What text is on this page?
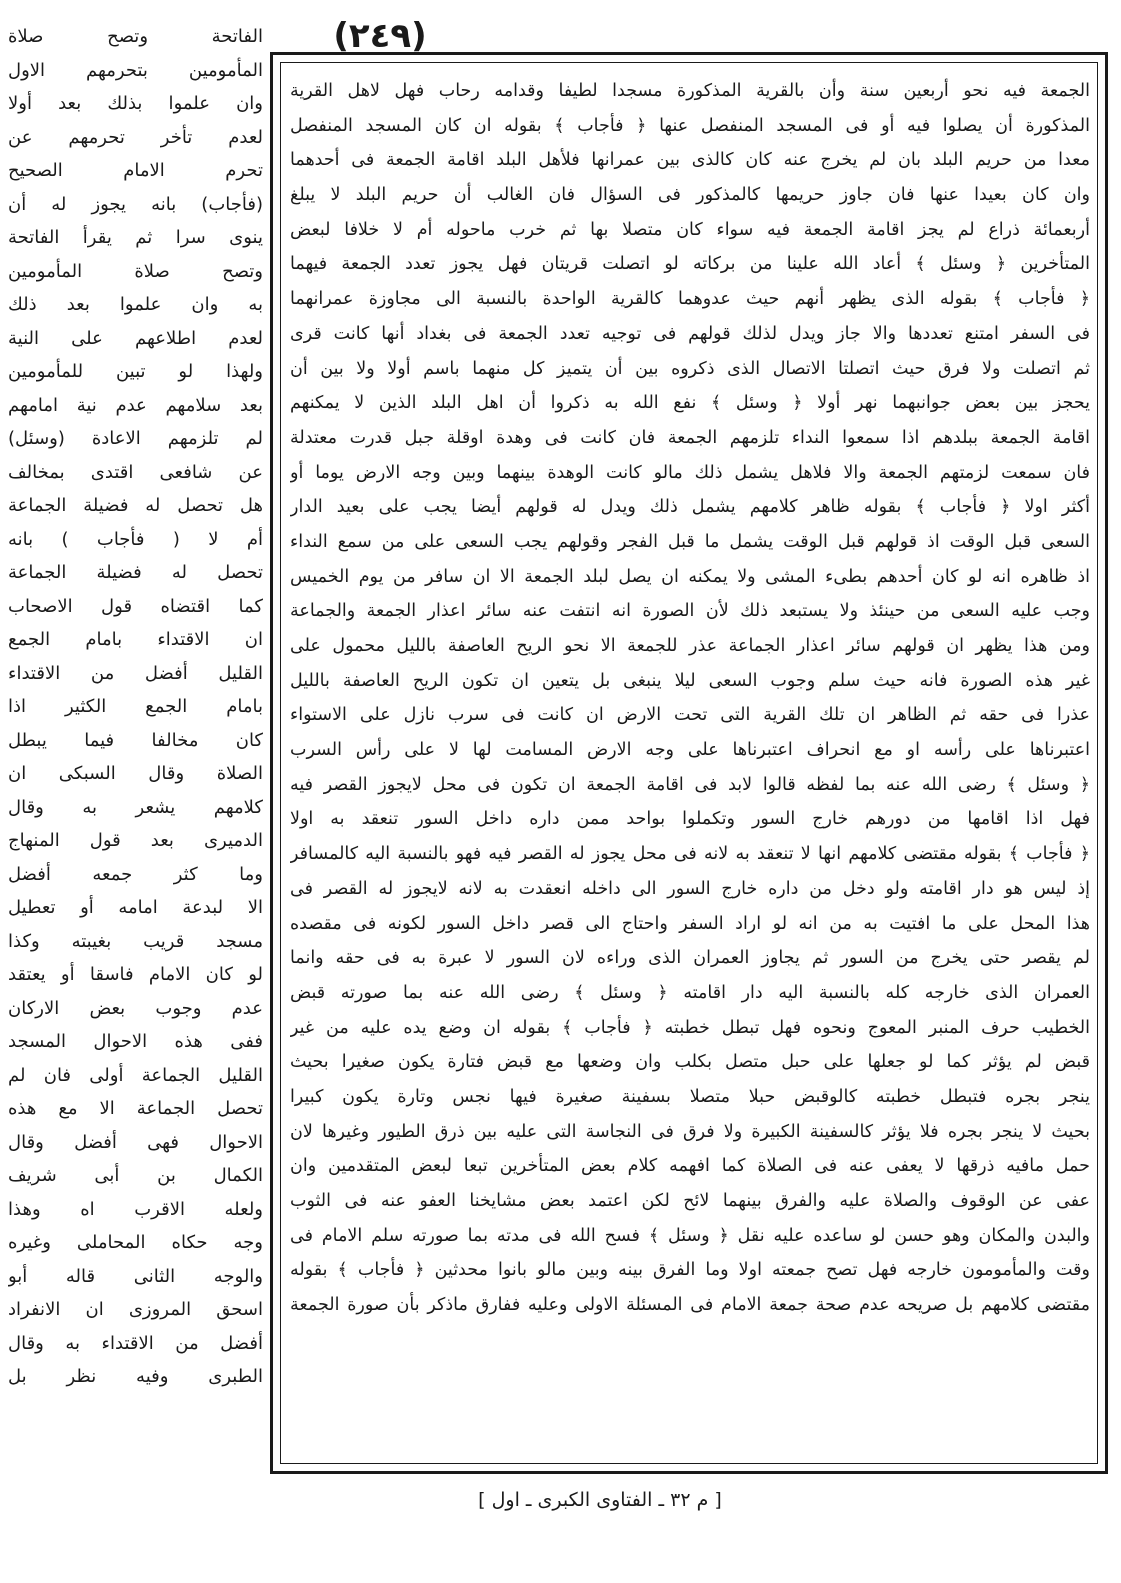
(٢٤٩)
الجمعة فيه نحو أربعين سنة وأن بالقرية المذكورة مسجدا لطيفا وقدامه رحاب فهل لاهل القرية
المذكورة أن يصلوا فيه أو فى المسجد المنفصل عنها ﴿ فأجاب ﴾ بقوله ان كان المسجد المنفصل
معدا من حريم البلد بان لم يخرج عنه كان كالذى بين عمرانها فلأهل البلد اقامة الجمعة فى أحدهما
وان كان بعيدا عنها فان جاوز حريمها كالمذكور فى السؤال فان الغالب أن حريم البلد لا يبلغ
أربعمائة ذراع لم يجز اقامة الجمعة فيه سواء كان متصلا بها ثم خرب ماحوله أم لا خلافا لبعض
المتأخرين ﴿ وسئل ﴾ أعاد الله علينا من بركاته لو اتصلت قريتان فهل يجوز تعدد الجمعة فيهما
﴿ فأجاب ﴾ بقوله الذى يظهر أنهم حيث عدوهما كالقرية الواحدة بالنسبة الى مجاوزة عمرانهما
فى السفر امتنع تعددها والا جاز ويدل لذلك قولهم فى توجيه تعدد الجمعة فى بغداد أنها كانت قرى
ثم اتصلت ولا فرق حيث اتصلتا الاتصال الذى ذكروه بين أن يتميز كل منهما باسم أولا ولا بين أن
يحجز بين بعض جوانبهما نهر أولا ﴿ وسئل ﴾ نفع الله به ذكروا أن اهل البلد الذين لا يمكنهم
اقامة الجمعة ببلدهم اذا سمعوا النداء تلزمهم الجمعة فان كانت فى وهدة اوقلة جبل قدرت معتدلة
فان سمعت لزمتهم الجمعة والا فلاهل يشمل ذلك مالو كانت الوهدة بينهما وبين وجه الارض يوما أو
أكثر اولا ﴿ فأجاب ﴾ بقوله ظاهر كلامهم يشمل ذلك ويدل له قولهم أيضا يجب على بعيد الدار
السعى قبل الوقت اذ قولهم قبل الوقت يشمل ما قبل الفجر وقولهم يجب السعى على من سمع النداء
اذ ظاهره انه لو كان أحدهم بطىء المشى ولا يمكنه ان يصل لبلد الجمعة الا ان سافر من يوم الخميس
وجب عليه السعى من حينئذ ولا يستبعد ذلك لأن الصورة انه انتفت عنه سائر اعذار الجمعة والجماعة
ومن هذا يظهر ان قولهم سائر اعذار الجماعة عذر للجمعة الا نحو الريح العاصفة بالليل محمول على
غير هذه الصورة فانه حيث سلم وجوب السعى ليلا ينبغى بل يتعين ان تكون الريح العاصفة بالليل
عذرا فى حقه ثم الظاهر ان تلك القرية التى تحت الارض ان كانت فى سرب نازل على الاستواء
اعتبرناها على رأسه او مع انحراف اعتبرناها على وجه الارض المسامت لها لا على رأس السرب
﴿ وسئل ﴾ رضى الله عنه بما لفظه قالوا لابد فى اقامة الجمعة ان تكون فى محل لايجوز القصر فيه
فهل اذا اقامها من دورهم خارج السور وتكملوا بواحد ممن داره داخل السور تنعقد به اولا
﴿ فأجاب ﴾ بقوله مقتضى كلامهم انها لا تنعقد به لانه فى محل يجوز له القصر فيه فهو بالنسبة اليه كالمسافر
إذ ليس هو دار اقامته ولو دخل من داره خارج السور الى داخله انعقدت به لانه لايجوز له القصر فى
هذا المحل على ما افتيت به من انه لو اراد السفر واحتاج الى قصر داخل السور لكونه فى مقصده
لم يقصر حتى يخرج من السور ثم يجاوز العمران الذى وراءه لان السور لا عبرة به فى حقه وانما
العمران الذى خارجه كله بالنسبة اليه دار اقامته ﴿ وسئل ﴾ رضى الله عنه بما صورته قبض
الخطيب حرف المنبر المعوج ونحوه فهل تبطل خطبته ﴿ فأجاب ﴾ بقوله ان وضع يده عليه من غير
قبض لم يؤثر كما لو جعلها على حبل متصل بكلب وان وضعها مع قبض فتارة يكون صغيرا بحيث
ينجر بجره فتبطل خطبته كالوقبض حبلا متصلا بسفينة صغيرة فيها نجس وتارة يكون كبيرا
بحيث لا ينجر بجره فلا يؤثر كالسفينة الكبيرة ولا فرق فى النجاسة التى عليه بين ذرق الطيور وغيرها لان
حمل مافيه ذرقها لا يعفى عنه فى الصلاة كما افهمه كلام بعض المتأخرين تبعا لبعض المتقدمين وان
عفى عن الوقوف والصلاة عليه والفرق بينهما لائح لكن اعتمد بعض مشايخنا العفو عنه فى الثوب
والبدن والمكان وهو حسن لو ساعده عليه نقل ﴿ وسئل ﴾ فسح الله فى مدته بما صورته سلم الامام فى
وقت والمأمومون خارجه فهل تصح جمعته اولا وما الفرق بينه وبين مالو بانوا محدثين ﴿ فأجاب ﴾ بقوله
مقتضى كلامهم بل صريحه عدم صحة جمعة الامام فى المسئلة الاولى وعليه ففارق ماذكر بأن صورة الجمعة
الفاتحة وتصح صلاة
المأمومين بتحرمهم الاول
وان علموا بذلك بعد أولا
لعدم تأخر تحرمهم عن
تحرم الامام الصحيح
(فأجاب) بانه يجوز له أن
ينوى سرا ثم يقرأ الفاتحة
وتصح صلاة المأمومين
به وان علموا بعد ذلك
لعدم اطلاعهم على النية
ولهذا لو تبين للمأمومين
بعد سلامهم عدم نية امامهم
لم تلزمهم الاعادة (وسئل)
عن شافعى اقتدى بمخالف
هل تحصل له فضيلة الجماعة
أم لا ( فأجاب ) بانه
تحصل له فضيلة الجماعة
كما اقتضاه قول الاصحاب
ان الاقتداء بامام الجمع
القليل أفضل من الاقتداء
بامام الجمع الكثير اذا
كان مخالفا فيما يبطل
الصلاة وقال السبكى ان
كلامهم يشعر به وقال
الدميرى بعد قول المنهاج
وما كثر جمعه أفضل
الا لبدعة امامه أو تعطيل
مسجد قريب بغيبته وكذا
لو كان الامام فاسقا أو يعتقد
عدم وجوب بعض الاركان
ففى هذه الاحوال المسجد
القليل الجماعة أولى فان لم
تحصل الجماعة الا مع هذه
الاحوال فهى أفضل وقال
الكمال بن أبى شريف
ولعله الاقرب اه وهذا
وجه حكاه المحاملى وغيره
والوجه الثانى قاله أبو
اسحق المروزى ان الانفراد
أفضل من الاقتداء به وقال
الطبرى وفيه نظر بل
[ م ٣٢ ـ الفتاوى الكبرى ـ اول ]
